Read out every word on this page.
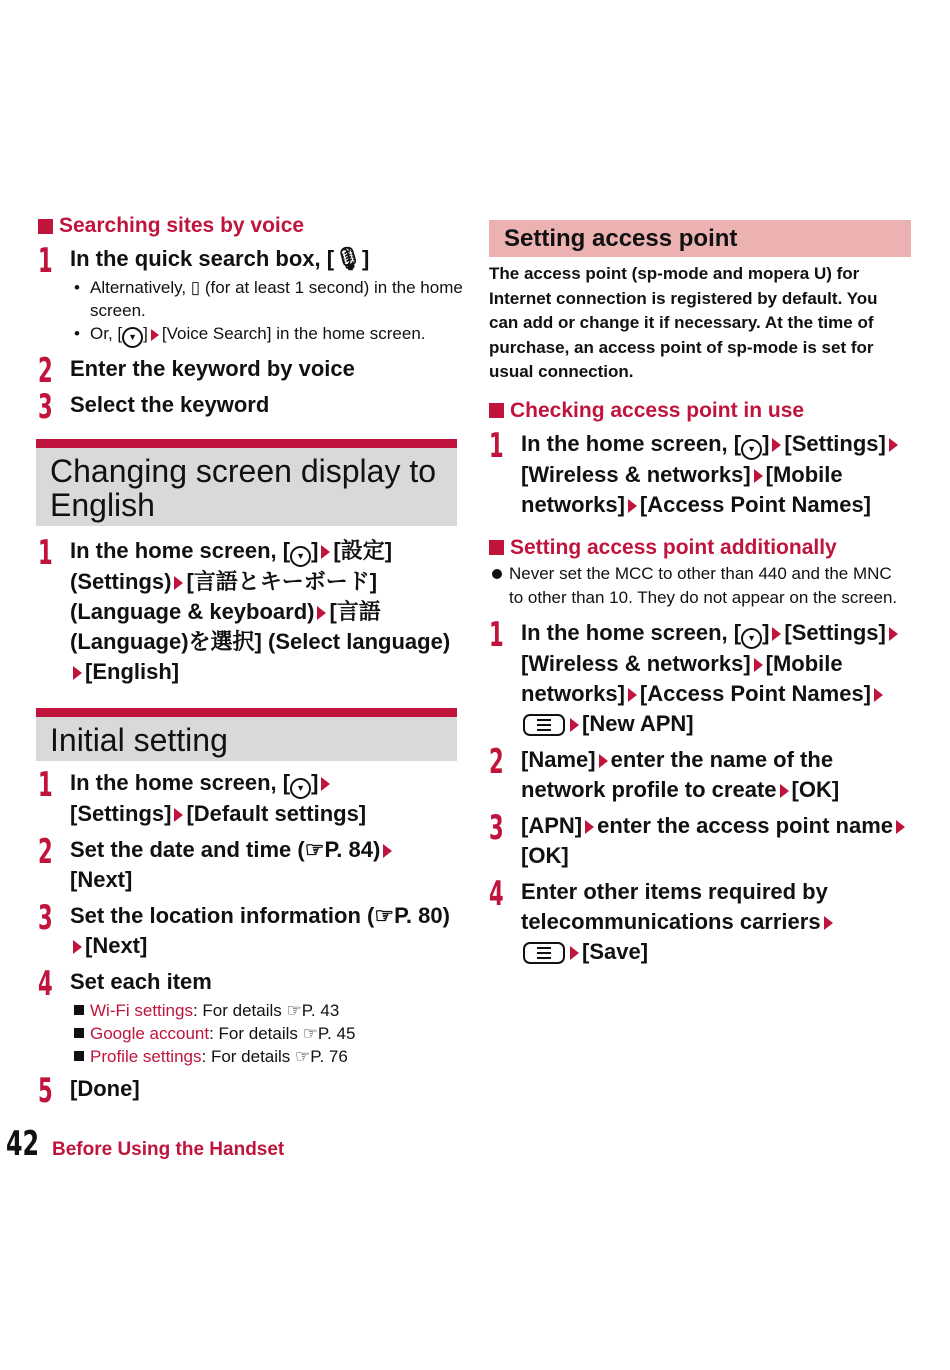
Searching sites by voice
1 In the quick search box, [🎙]
• Alternatively, ▯ (for at least 1 second) in the home screen.
• Or, [ ▼ ] [Voice Search] in the home screen.
2 Enter the keyword by voice
3 Select the keyword
Changing screen display to English
1 In the home screen, [ ▼ ] [設定] (Settings) [言語とキーボード] (Language & keyboard) [言語 (Language)を選択] (Select language)[English]
Initial setting
1 In the home screen, [ ▼ ]
[Settings] [Default settings]
2 Set the date and time (☞P. 84)
[Next]
3 Set the location information (☞P. 80)[Next]
4 Set each item
Wi-Fi settings: For details ☞P. 43
Google account: For details ☞P. 45
Profile settings: For details ☞P. 76
5 [Done]
Setting access point
The access point (sp-mode and mopera U) for Internet connection is registered by default. You can add or change it if necessary. At the time of purchase, an access point of sp-mode is set for usual connection.
Checking access point in use
1 In the home screen, [ ▼ ] [Settings][Wireless & networks] [Mobile networks] [Access Point Names]
Setting access point additionally
Never set the MCC to other than 440 and the MNC to other than 10. They do not appear on the screen.
1 In the home screen, [ ▼ ] [Settings][Wireless & networks] [Mobile networks] [Access Point Names][New APN]
2 [Name] enter the name of the network profile to create [OK]
3 [APN] enter the access point name[OK]
4 Enter other items required by telecommunications carriers
[Save]
42 Before Using the Handset
